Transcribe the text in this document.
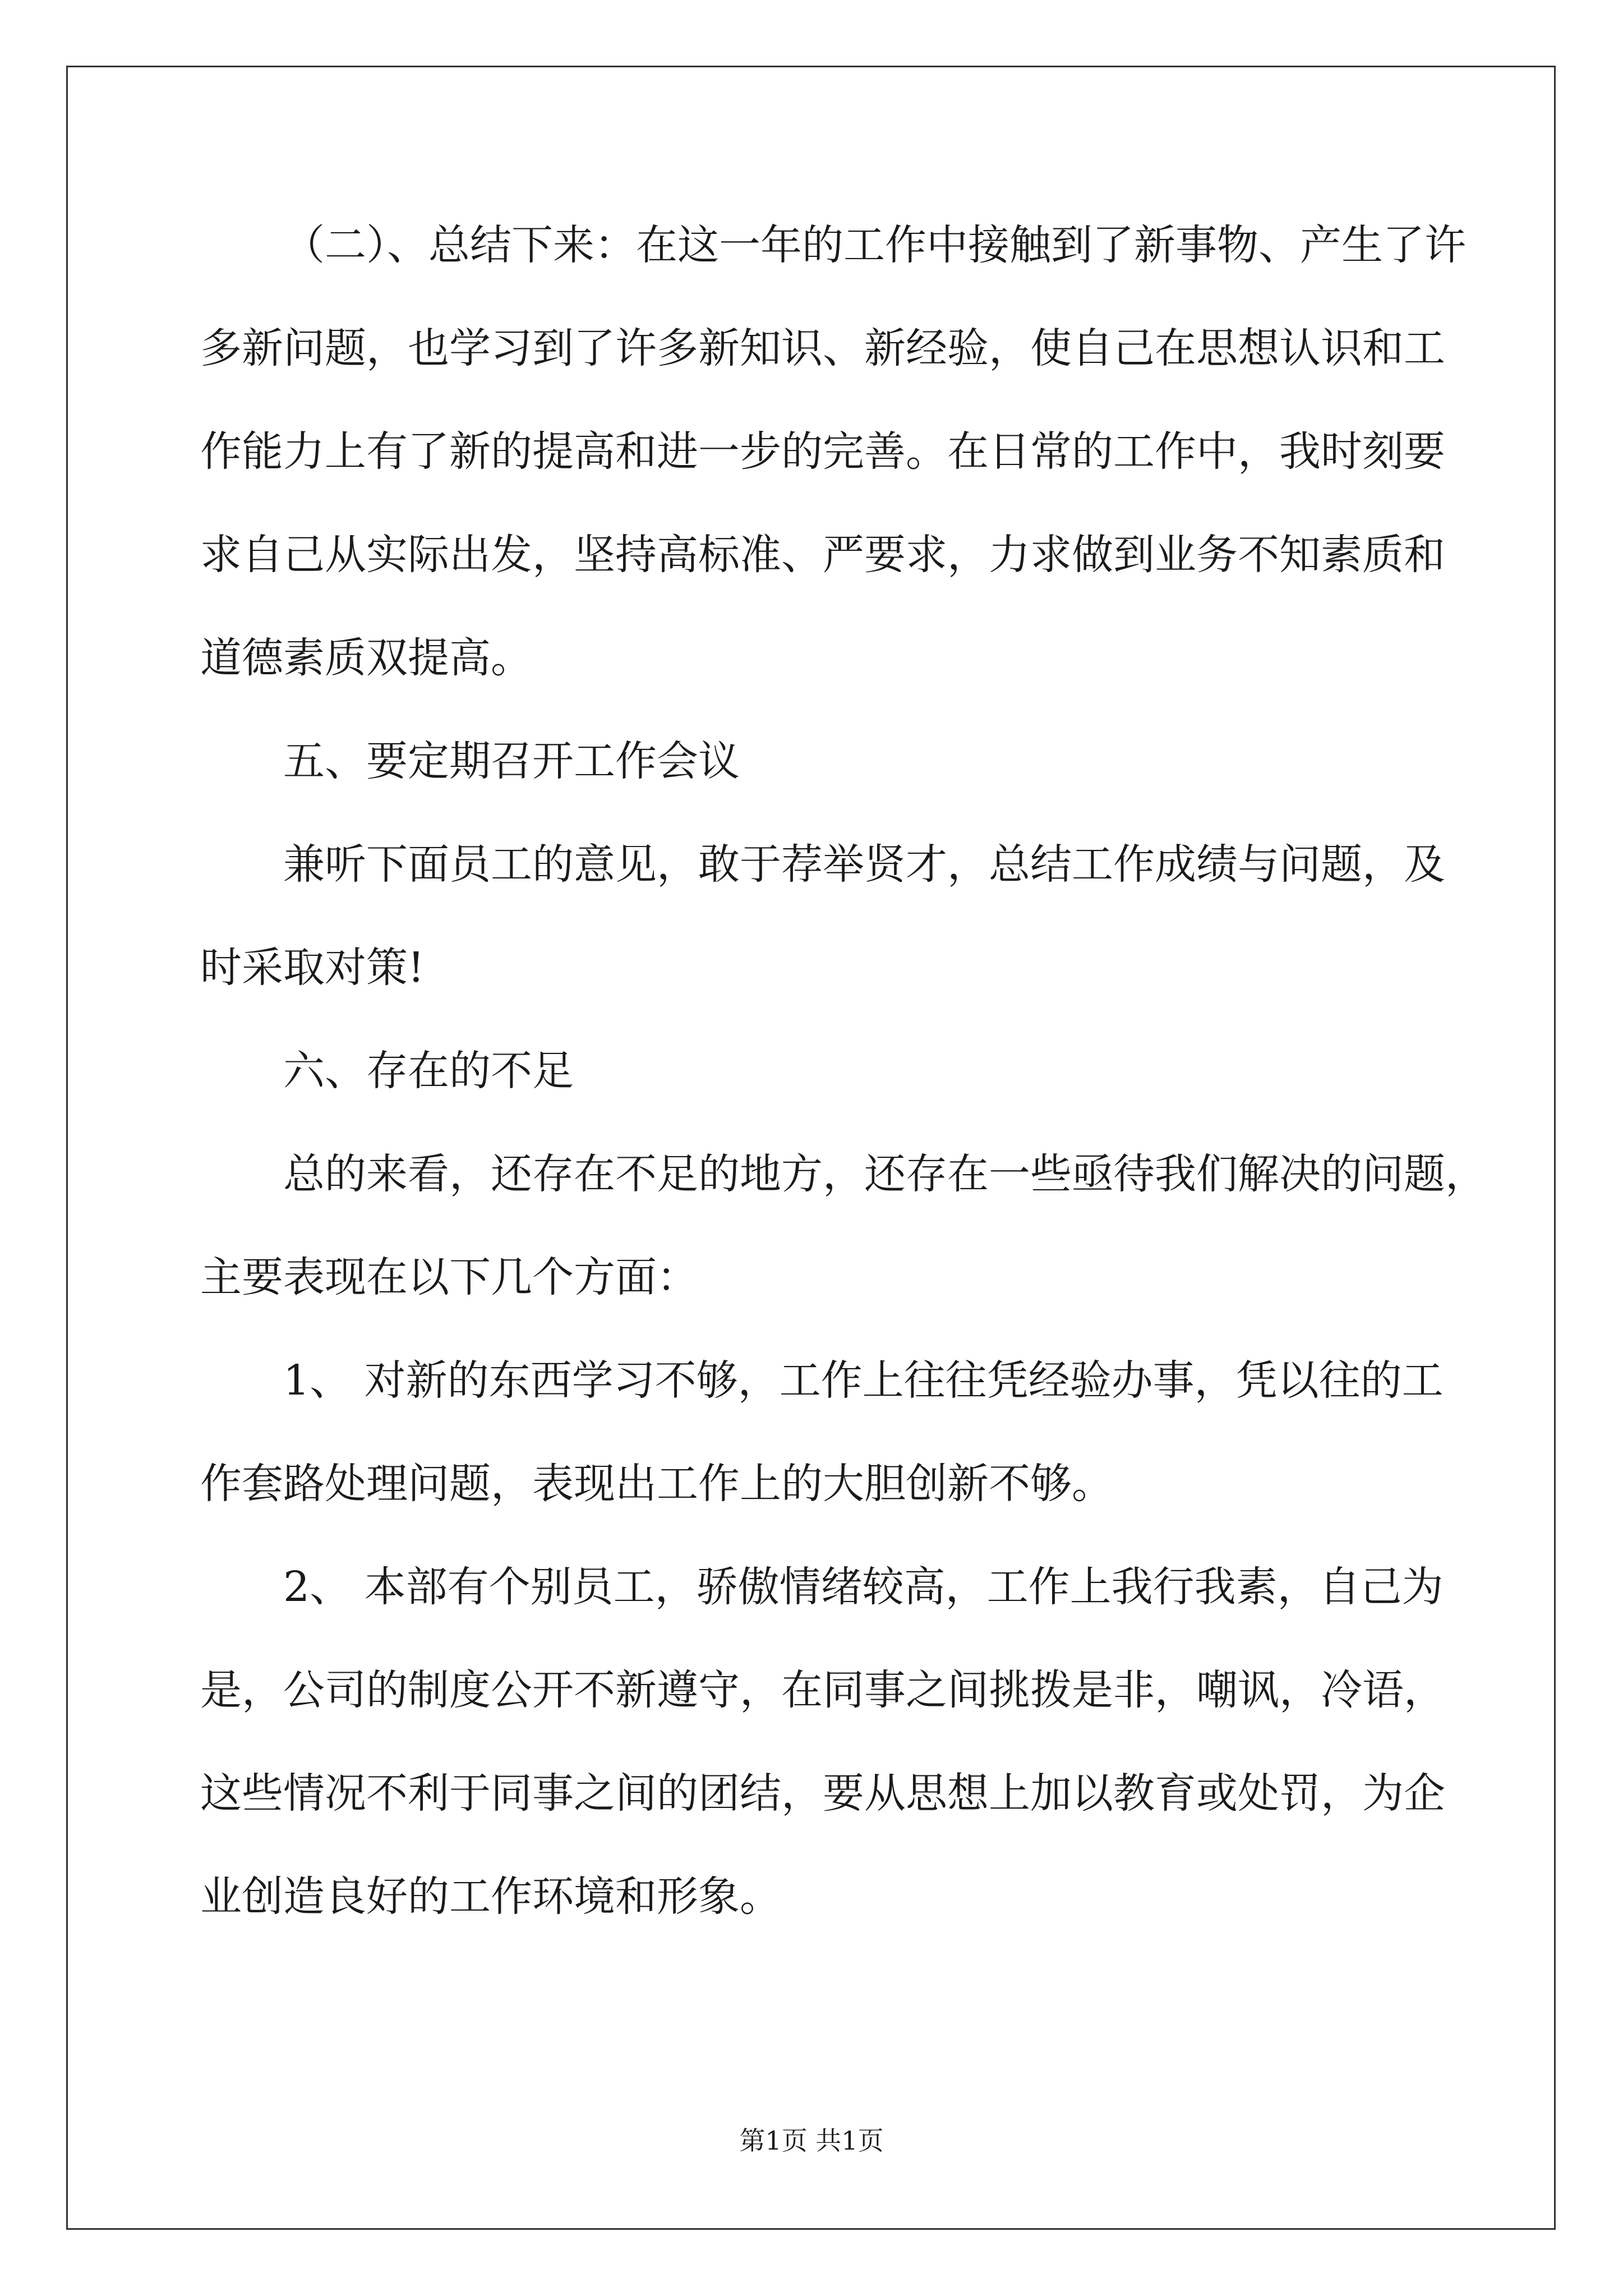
（二）、总结下来：在这一年的工作中接触到了新事物、产生了许
多新问题，也学习到了许多新知识、新经验，使自己在思想认识和工
作能力上有了新的提高和进一步的完善。在日常的工作中，我时刻要
求自己从实际出发，坚持高标准、严要求，力求做到业务不知素质和
道德素质双提高。
五、要定期召开工作会议
兼听下面员工的意见，敢于荐举贤才，总结工作成绩与问题，及
时采取对策!
六、存在的不足
总的来看，还存在不足的地方，还存在一些亟待我们解决的问题，
主要表现在以下几个方面：
1、 对新的东西学习不够，工作上往往凭经验办事，凭以往的工
作套路处理问题，表现出工作上的大胆创新不够。
2、 本部有个别员工，骄傲情绪较高，工作上我行我素，自己为
是，公司的制度公开不新遵守，在同事之间挑拨是非，嘲讽，冷语，
这些情况不利于同事之间的团结，要从思想上加以教育或处罚，为企
业创造良好的工作环境和形象。
第1页 共1页
